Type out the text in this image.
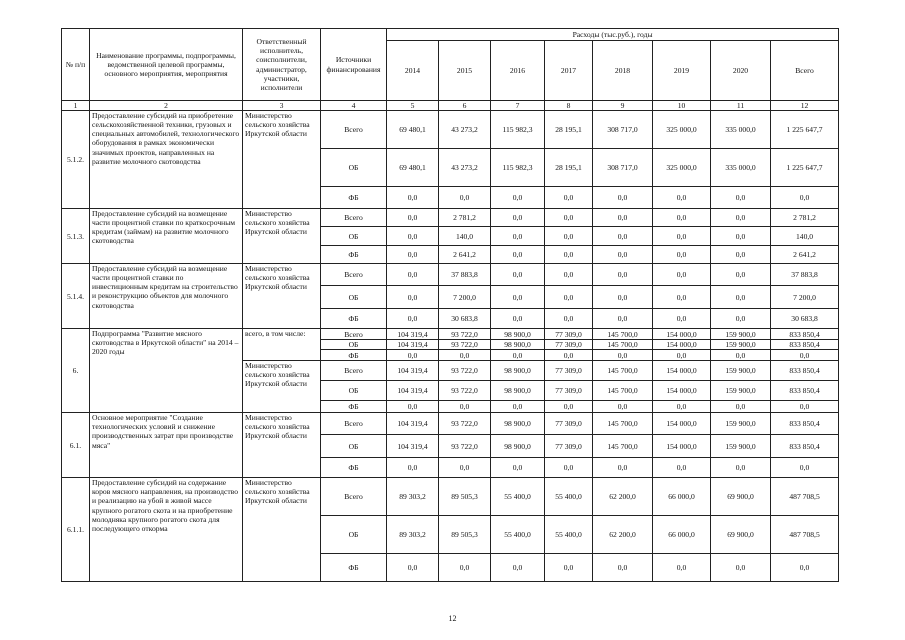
№ п/п	Наименование программы, подпрограммы, ведомственной целевой программы, основного мероприятия, мероприятия	Ответственный исполнитель, соисполнители, администратор, участники, исполнители	Источники финансирования	Расходы (тыс.руб.), годы							
				2014	2015	2016	2017	2018	2019	2020	Всего
1	2	3	4	5	6	7	8	9	10	11	12
5.1.2.	Предоставление субсидий на приобретение сельскохозяйственной техники, грузовых и специальных автомобилей, технологического оборудования в рамках экономически значимых проектов, направленных на развитие молочного скотоводства	Министерство сельского хозяйства Иркутской области	Всего	69 480,1	43 273,2	115 982,3	28 195,1	308 717,0	325 000,0	335 000,0	1 225 647,7
			ОБ	69 480,1	43 273,2	115 982,3	28 195,1	308 717,0	325 000,0	335 000,0	1 225 647,7
			ФБ	0,0	0,0	0,0	0,0	0,0	0,0	0,0	0,0
5.1.3.	Предоставление субсидий на возмещение части процентной ставки по краткосрочным кредитам (займам) на развитие молочного скотоводства	Министерство сельского хозяйства Иркутской области	Всего	0,0	2 781,2	0,0	0,0	0,0	0,0	0,0	2 781,2
			ОБ	0,0	140,0	0,0	0,0	0,0	0,0	0,0	140,0
			ФБ	0,0	2 641,2	0,0	0,0	0,0	0,0	0,0	2 641,2
5.1.4.	Предоставление субсидий на возмещение части процентной ставки по инвестиционным кредитам на строительство и реконструкцию объектов для молочного скотоводства	Министерство сельского хозяйства Иркутской области	Всего	0,0	37 883,8	0,0	0,0	0,0	0,0	0,0	37 883,8
			ОБ	0,0	7 200,0	0,0	0,0	0,0	0,0	0,0	7 200,0
			ФБ	0,0	30 683,8	0,0	0,0	0,0	0,0	0,0	30 683,8
6.	Подпрограмма "Развитие мясного скотоводства в Иркутской области" на 2014 – 2020 годы	всего, в том числе:	Всего	104 319,4	93 722,0	98 900,0	77 309,0	145 700,0	154 000,0	159 900,0	833 850,4
			ОБ	104 319,4	93 722,0	98 900,0	77 309,0	145 700,0	154 000,0	159 900,0	833 850,4
			ФБ	0,0	0,0	0,0	0,0	0,0	0,0	0,0	0,0
		Министерство сельского хозяйства Иркутской области	Всего	104 319,4	93 722,0	98 900,0	77 309,0	145 700,0	154 000,0	159 900,0	833 850,4
			ОБ	104 319,4	93 722,0	98 900,0	77 309,0	145 700,0	154 000,0	159 900,0	833 850,4
			ФБ	0,0	0,0	0,0	0,0	0,0	0,0	0,0	0,0
6.1.	Основное мероприятие "Создание технологических условий и снижение производственных затрат при производстве мяса"	Министерство сельского хозяйства Иркутской области	Всего	104 319,4	93 722,0	98 900,0	77 309,0	145 700,0	154 000,0	159 900,0	833 850,4
			ОБ	104 319,4	93 722,0	98 900,0	77 309,0	145 700,0	154 000,0	159 900,0	833 850,4
			ФБ	0,0	0,0	0,0	0,0	0,0	0,0	0,0	0,0
6.1.1.	Предоставление субсидий на содержание коров мясного направления, на производство и реализацию на убой в живой массе крупного рогатого скота и на приобретение молодняка крупного рогатого скота для последующего откорма	Министерство сельского хозяйства Иркутской области	Всего	89 303,2	89 505,3	55 400,0	55 400,0	62 200,0	66 000,0	69 900,0	487 708,5
			ОБ	89 303,2	89 505,3	55 400,0	55 400,0	62 200,0	66 000,0	69 900,0	487 708,5
			ФБ	0,0	0,0	0,0	0,0	0,0	0,0	0,0	0,0
12
